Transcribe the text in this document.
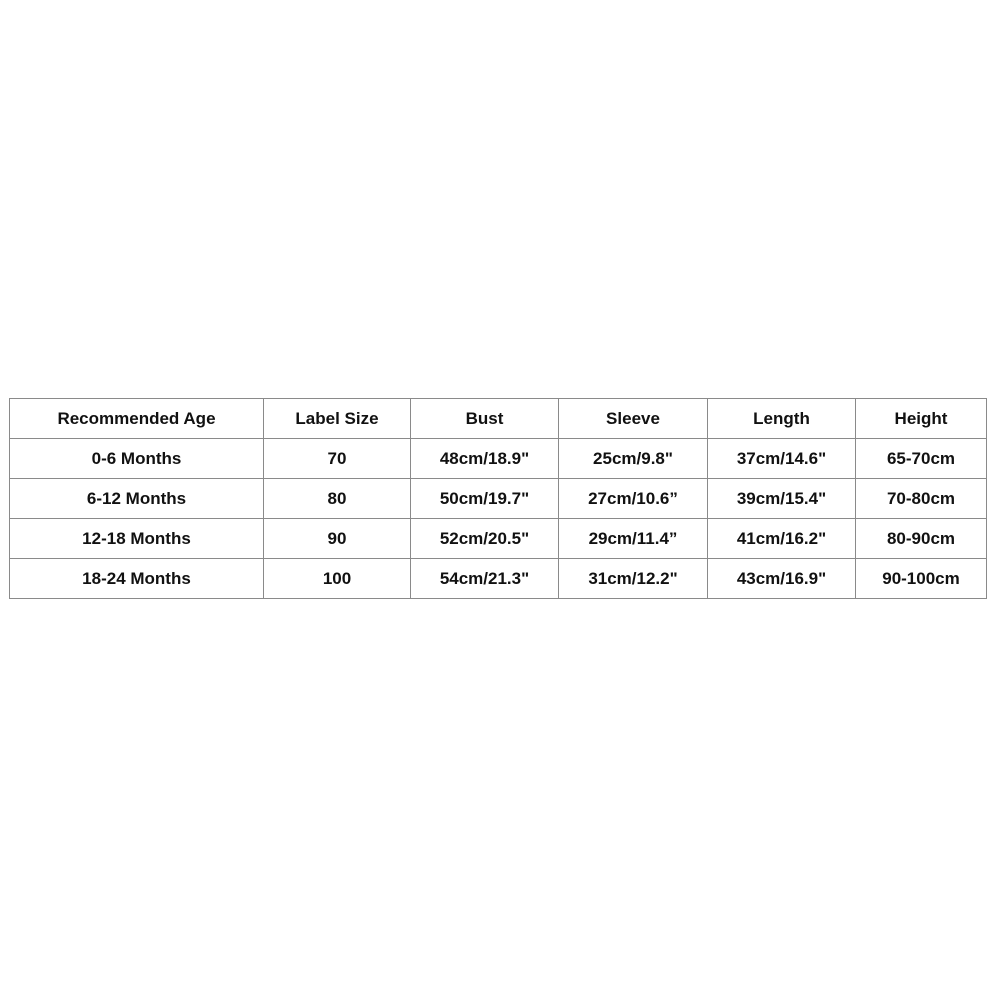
Recommended Age	Label Size	Bust	Sleeve	Length	Height
0-6 Months	70	48cm/18.9"	25cm/9.8"	37cm/14.6"	65-70cm
6-12 Months	80	50cm/19.7"	27cm/10.6”	39cm/15.4"	70-80cm
12-18 Months	90	52cm/20.5"	29cm/11.4”	41cm/16.2"	80-90cm
18-24 Months	100	54cm/21.3"	31cm/12.2"	43cm/16.9"	90-100cm
